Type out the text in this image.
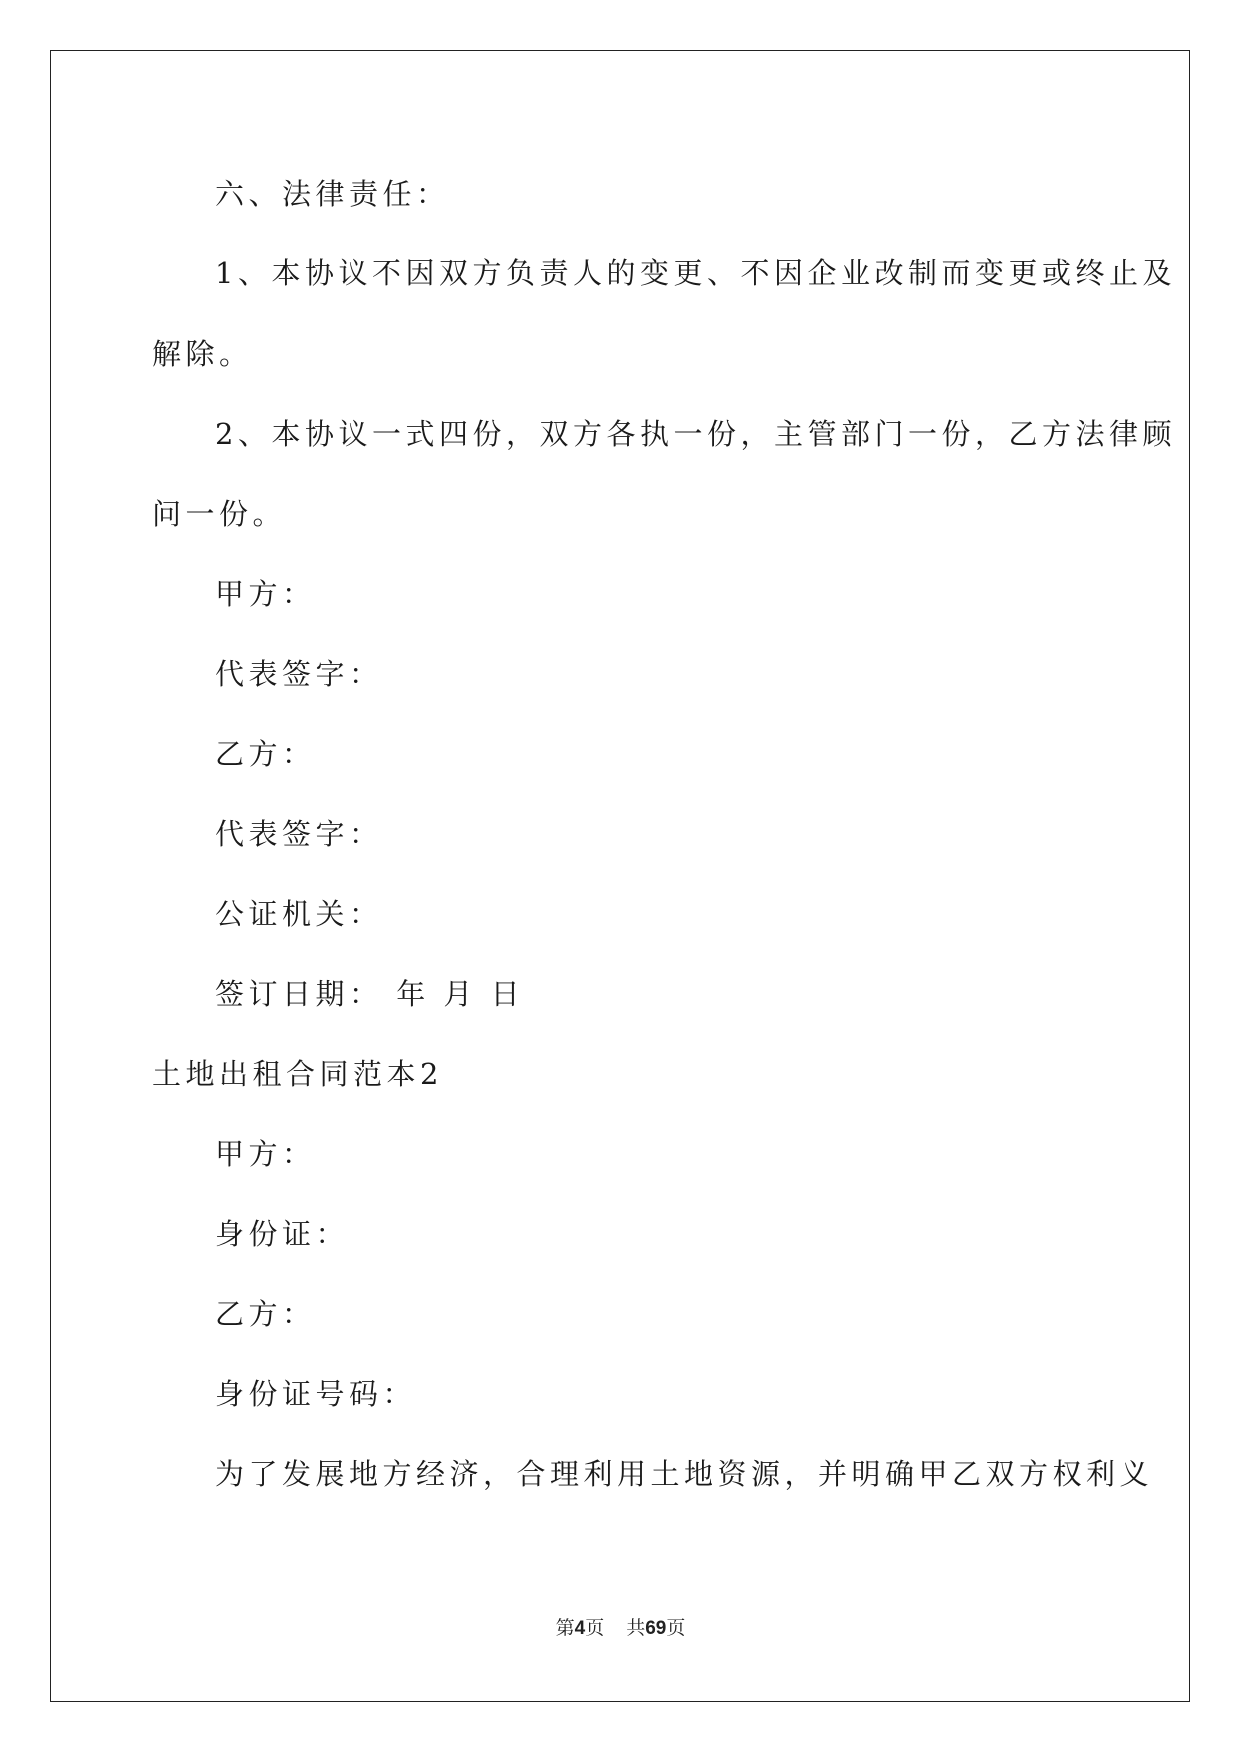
六、法律责任：
1、本协议不因双方负责人的变更、不因企业改制而变更或终止及
解除。
2、本协议一式四份，双方各执一份，主管部门一份，乙方法律顾
问一份。
甲方：
代表签字：
乙方：
代表签字：
公证机关：
签订日期： 年 月 日
土地出租合同范本2
甲方：
身份证：
乙方：
身份证号码：
为了发展地方经济，合理利用土地资源，并明确甲乙双方权利义
第4页 共69页
